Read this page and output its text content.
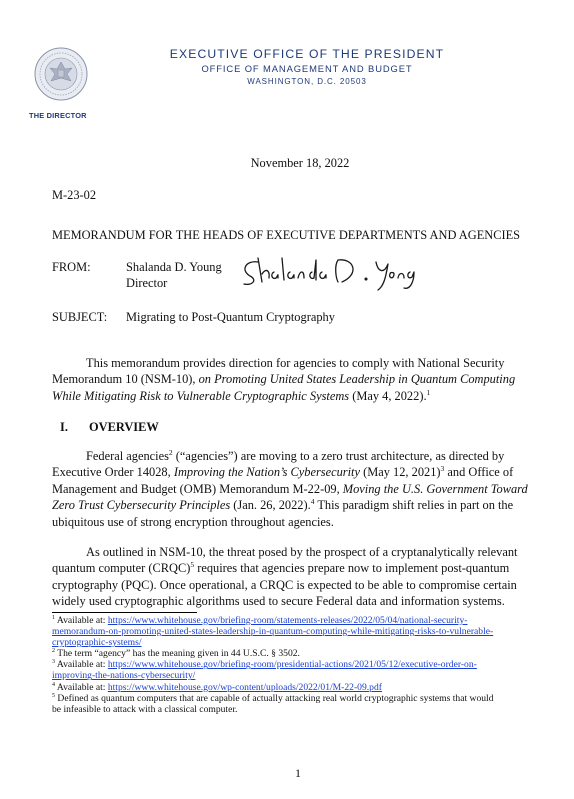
THE DIRECTOR
EXECUTIVE OFFICE OF THE PRESIDENT
OFFICE OF MANAGEMENT AND BUDGET
WASHINGTON, D.C. 20503
November 18, 2022
M-23-02
MEMORANDUM FOR THE HEADS OF EXECUTIVE DEPARTMENTS AND AGENCIES
FROM:	Shalanda D. Young
Director
SUBJECT: Migrating to Post-Quantum Cryptography
This memorandum provides direction for agencies to comply with National Security
Memorandum 10 (NSM-10), on Promoting United States Leadership in Quantum Computing
While Mitigating Risk to Vulnerable Cryptographic Systems (May 4, 2022).$^1$
I. OVERVIEW
Federal agencies$^2$ (“agencies”) are moving to a zero trust architecture, as directed by
Executive Order 14028, Improving the Nation’s Cybersecurity (May 12, 2021)$^3$ and Office of
Management and Budget (OMB) Memorandum M-22-09, Moving the U.S. Government Toward
Zero Trust Cybersecurity Principles (Jan. 26, 2022).$^4$ This paradigm shift relies in part on the
ubiquitous use of strong encryption throughout agencies.
As outlined in NSM-10, the threat posed by the prospect of a cryptanalytically relevant
quantum computer (CRQC)$^5$ requires that agencies prepare now to implement post-quantum
cryptography (PQC). Once operational, a CRQC is expected to be able to compromise certain
widely used cryptographic algorithms used to secure Federal data and information systems.
$^1$ Available at: https://www.whitehouse.gov/briefing-room/statements-releases/2022/05/04/national-security-
memorandum-on-promoting-united-states-leadership-in-quantum-computing-while-mitigating-risks-to-vulnerable-
cryptographic-systems/
$^2$ The term “agency” has the meaning given in 44 U.S.C. § 3502.
$^3$ Available at: https://www.whitehouse.gov/briefing-room/presidential-actions/2021/05/12/executive-order-on-
improving-the-nations-cybersecurity/
$^4$ Available at: https://www.whitehouse.gov/wp-content/uploads/2022/01/M-22-09.pdf
$^5$ Defined as quantum computers that are capable of actually attacking real world cryptographic systems that would
be infeasible to attack with a classical computer.
1
